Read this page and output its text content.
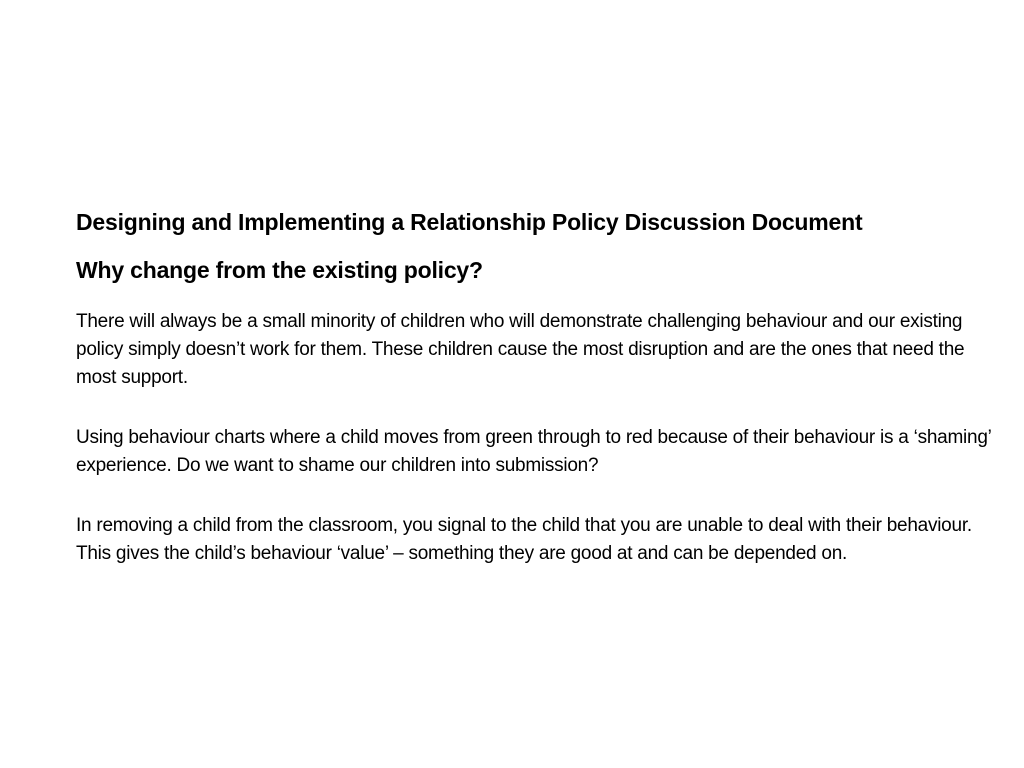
Designing and Implementing a Relationship Policy Discussion Document
Why change from the existing policy?

There will always be a small minority of children who will demonstrate challenging behaviour and our existing policy simply doesn’t work for them. These children cause the most disruption and are the ones that need the most support.

Using behaviour charts where a child moves from green through to red because of their behaviour is a ‘shaming’ experience. Do we want to shame our children into submission?

In removing a child from the classroom, you signal to the child that you are unable to deal with their behaviour. This gives the child’s behaviour ‘value’ – something they are good at and can be depended on.
